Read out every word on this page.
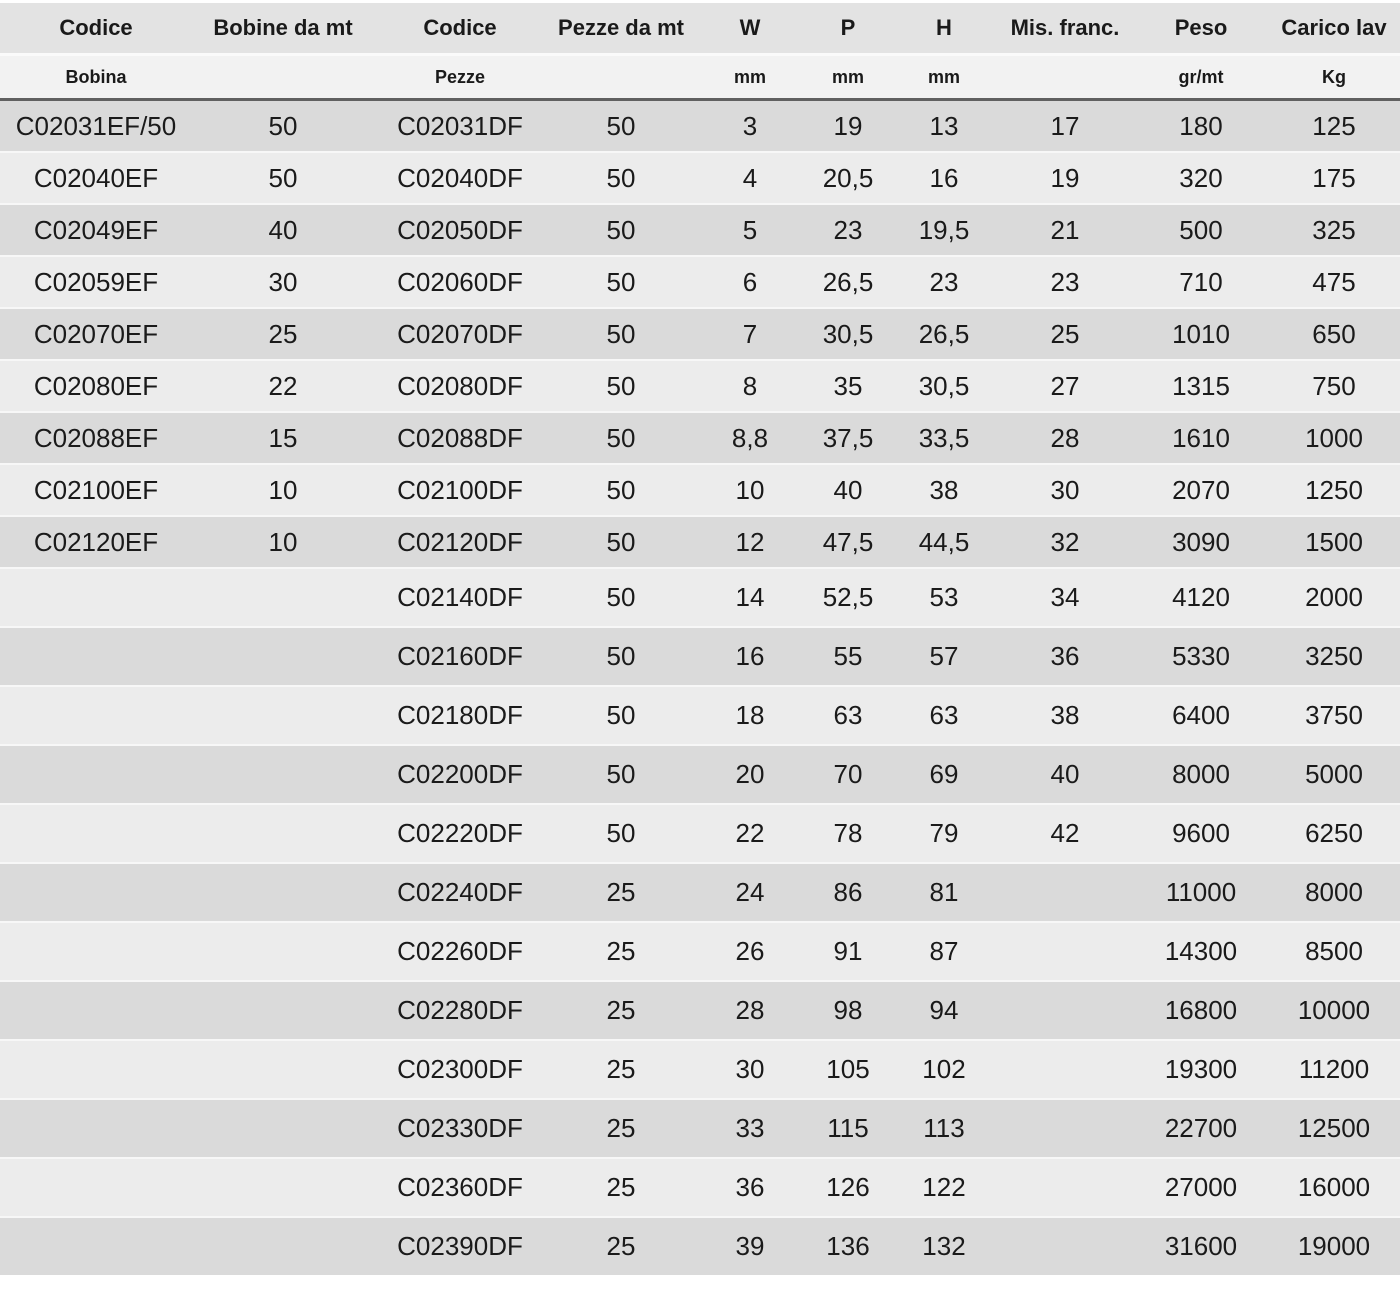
Codice	Bobine da mt	Codice	Pezze da mt	W	P	H	Mis. franc.	Peso	Carico lav
Bobina		Pezze		mm	mm	mm		gr/mt	Kg
C02031EF/50	50	C02031DF	50	3	19	13	17	180	125
C02040EF	50	C02040DF	50	4	20,5	16	19	320	175
C02049EF	40	C02050DF	50	5	23	19,5	21	500	325
C02059EF	30	C02060DF	50	6	26,5	23	23	710	475
C02070EF	25	C02070DF	50	7	30,5	26,5	25	1010	650
C02080EF	22	C02080DF	50	8	35	30,5	27	1315	750
C02088EF	15	C02088DF	50	8,8	37,5	33,5	28	1610	1000
C02100EF	10	C02100DF	50	10	40	38	30	2070	1250
C02120EF	10	C02120DF	50	12	47,5	44,5	32	3090	1500
		C02140DF	50	14	52,5	53	34	4120	2000
		C02160DF	50	16	55	57	36	5330	3250
		C02180DF	50	18	63	63	38	6400	3750
		C02200DF	50	20	70	69	40	8000	5000
		C02220DF	50	22	78	79	42	9600	6250
		C02240DF	25	24	86	81		11000	8000
		C02260DF	25	26	91	87		14300	8500
		C02280DF	25	28	98	94		16800	10000
		C02300DF	25	30	105	102		19300	11200
		C02330DF	25	33	115	113		22700	12500
		C02360DF	25	36	126	122		27000	16000
		C02390DF	25	39	136	132		31600	19000
